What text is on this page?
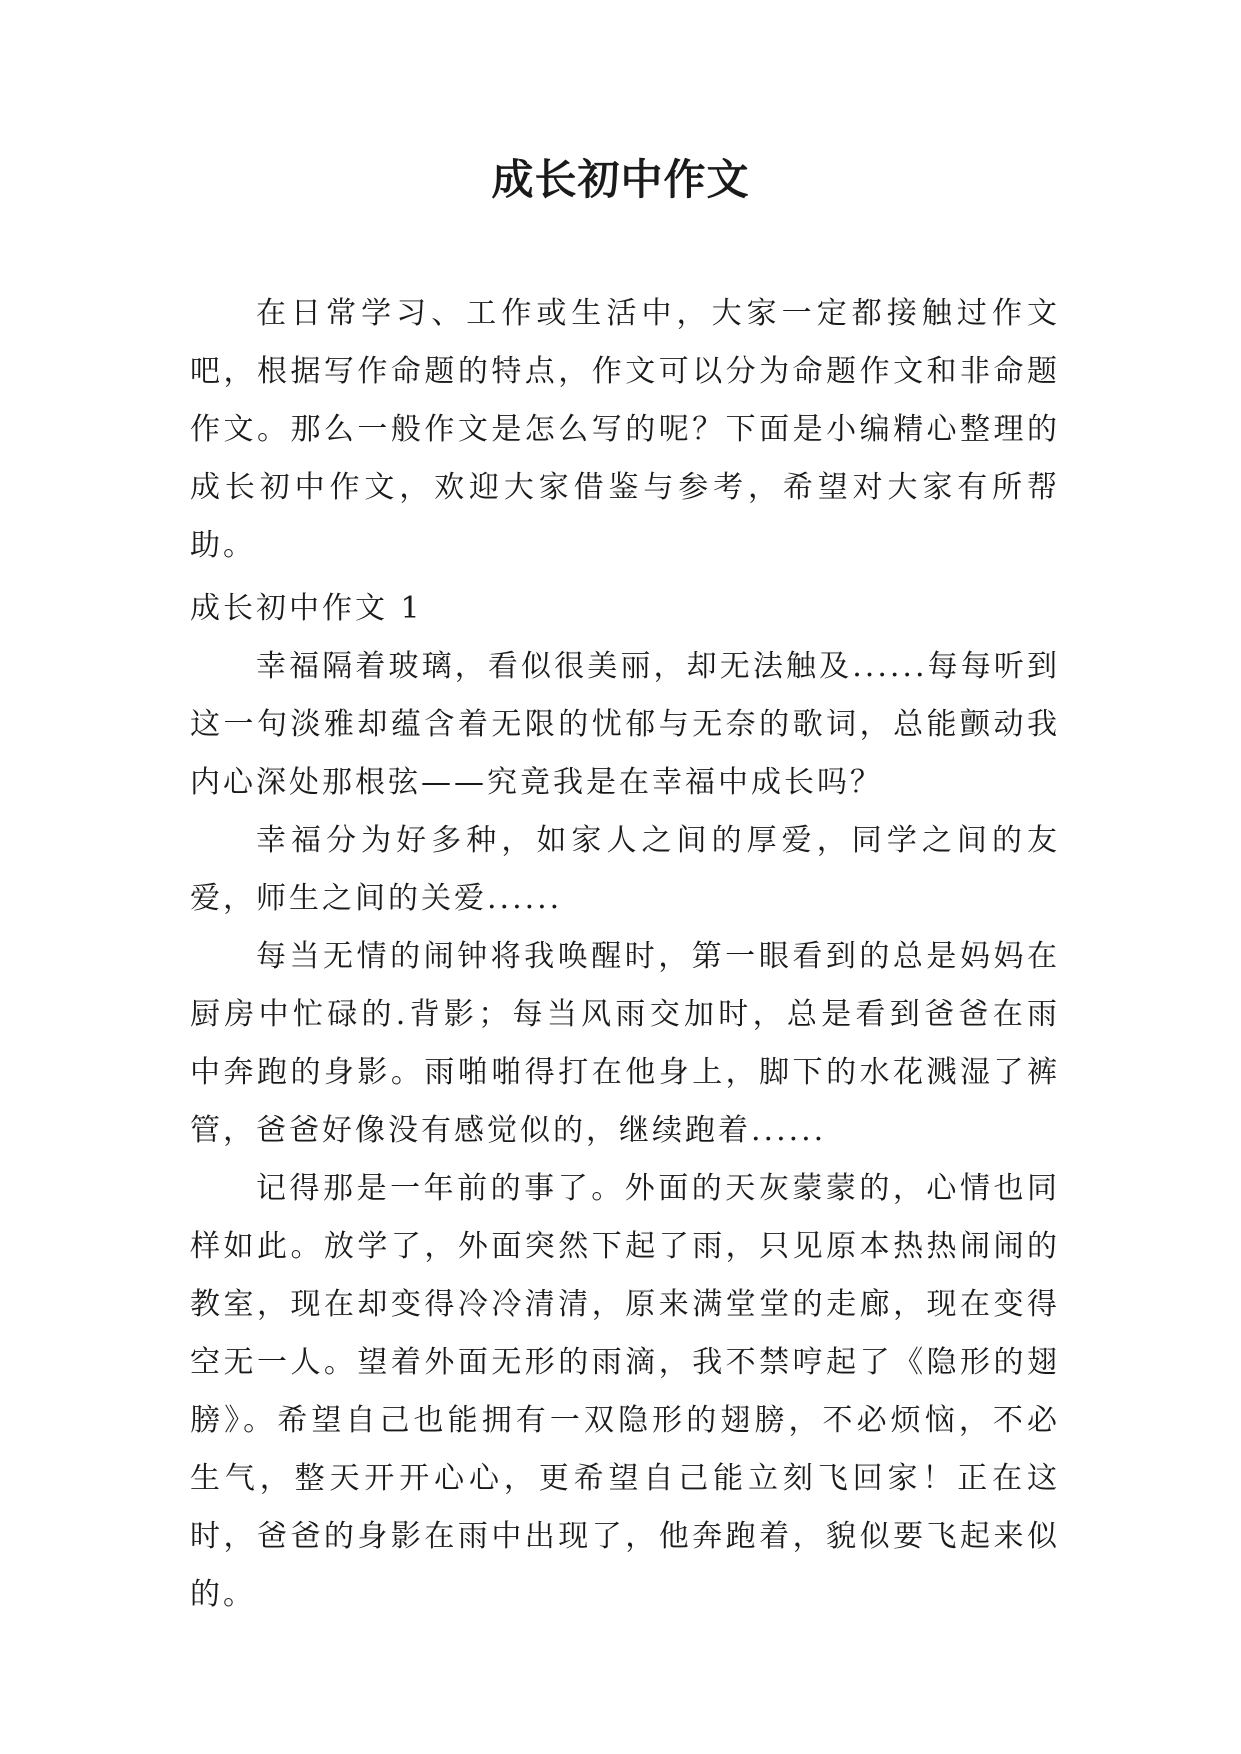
成长初中作文

在日常学习、工作或生活中，大家一定都接触过作文吧，根据写作命题的特点，作文可以分为命题作文和非命题作文。那么一般作文是怎么写的呢？下面是小编精心整理的成长初中作文，欢迎大家借鉴与参考，希望对大家有所帮助。

成长初中作文 1

幸福隔着玻璃，看似很美丽，却无法触及......每每听到这一句淡雅却蕴含着无限的忧郁与无奈的歌词，总能颤动我内心深处那根弦——究竟我是在幸福中成长吗？

幸福分为好多种，如家人之间的厚爱，同学之间的友爱，师生之间的关爱......

每当无情的闹钟将我唤醒时，第一眼看到的总是妈妈在厨房中忙碌的.背影；每当风雨交加时，总是看到爸爸在雨中奔跑的身影。雨啪啪得打在他身上，脚下的水花溅湿了裤管，爸爸好像没有感觉似的，继续跑着......

记得那是一年前的事了。外面的天灰蒙蒙的，心情也同样如此。放学了，外面突然下起了雨，只见原本热热闹闹的教室，现在却变得冷冷清清，原来满堂堂的走廊，现在变得空无一人。望着外面无形的雨滴，我不禁哼起了《隐形的翅膀》。希望自己也能拥有一双隐形的翅膀，不必烦恼，不必生气，整天开开心心，更希望自己能立刻飞回家！正在这时，爸爸的身影在雨中出现了，他奔跑着，貌似要飞起来似的。
